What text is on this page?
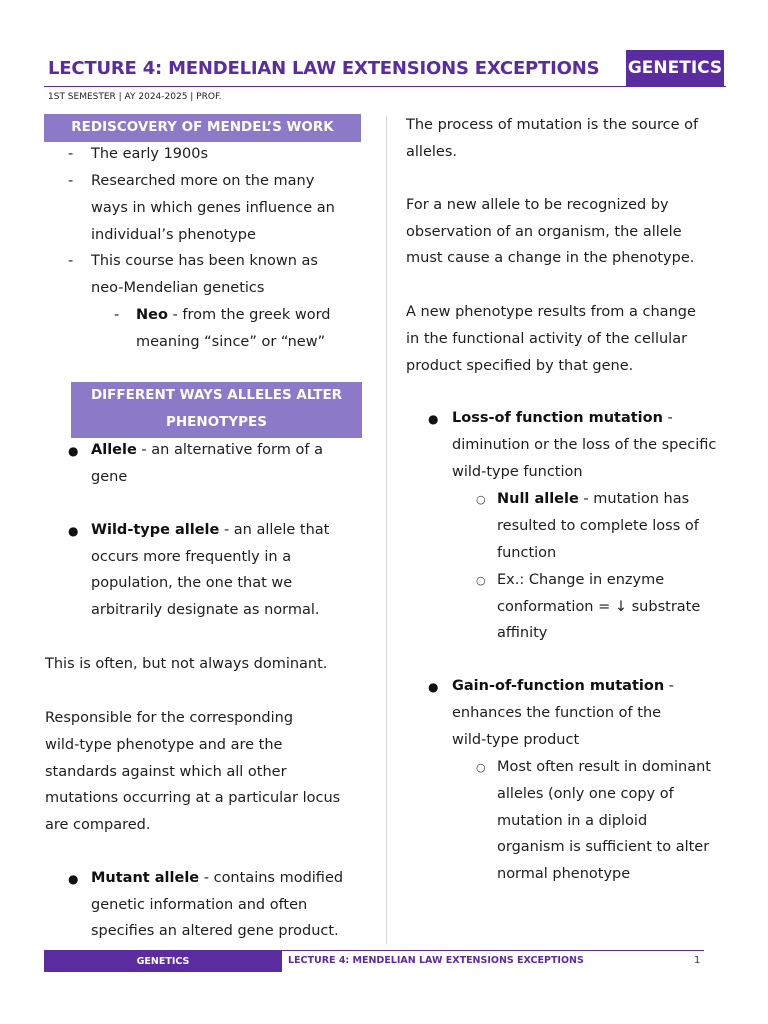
LECTURE 4: MENDELIAN LAW EXTENSIONS EXCEPTIONS GENETICS
1ST SEMESTER | AY 2024-2025 | PROF.
REDISCOVERY OF MENDEL’S WORK
- The early 1900s
- Researched more on the many
ways in which genes influence an
individual’s phenotype
- This course has been known as
neo-Mendelian genetics
- Neo - from the greek word
meaning “since” or “new”
DIFFERENT WAYS ALLELES ALTER
PHENOTYPES
● Allele - an alternative form of a
gene
● Wild-type allele - an allele that
occurs more frequently in a
population, the one that we
arbitrarily designate as normal.
This is often, but not always dominant.
Responsible for the corresponding
wild-type phenotype and are the
standards against which all other
mutations occurring at a particular locus
are compared.
● Mutant allele - contains modified
genetic information and often
specifies an altered gene product.
The process of mutation is the source of
alleles.
For a new allele to be recognized by
observation of an organism, the allele
must cause a change in the phenotype.
A new phenotype results from a change
in the functional activity of the cellular
product specified by that gene.
● Loss-of function mutation -
diminution or the loss of the specific
wild-type function
○ Null allele - mutation has
resulted to complete loss of
function
○ Ex.: Change in enzyme
conformation = ↓ substrate
affinity
● Gain-of-function mutation -
enhances the function of the
wild-type product
○ Most often result in dominant
alleles (only one copy of
mutation in a diploid
organism is sufficient to alter
normal phenotype
GENETICS	LECTURE 4: MENDELIAN LAW EXTENSIONS EXCEPTIONS	1
